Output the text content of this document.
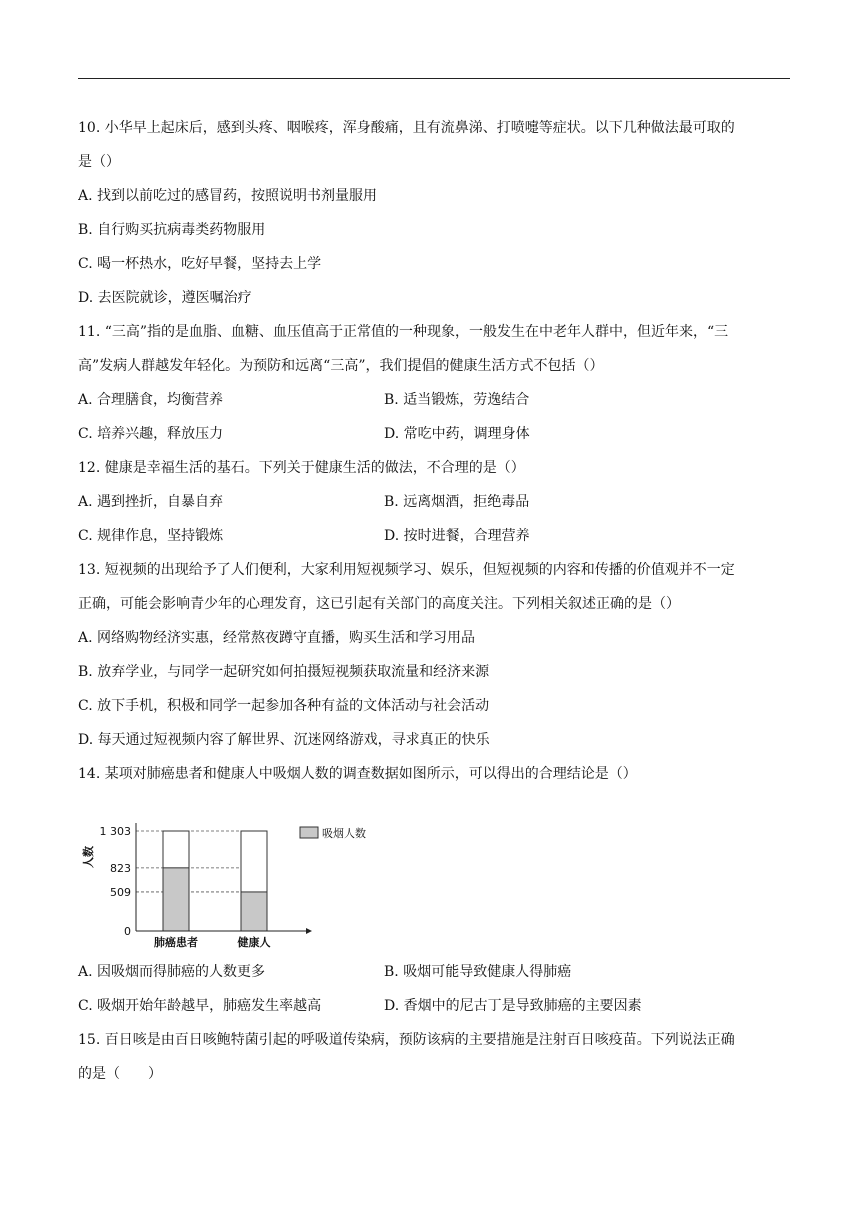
10. 小华早上起床后，感到头疼、咽喉疼，浑身酸痛，且有流鼻涕、打喷嚏等症状。以下几种做法最可取的
是（）
A. 找到以前吃过的感冒药，按照说明书剂量服用
B. 自行购买抗病毒类药物服用
C. 喝一杯热水，吃好早餐，坚持去上学
D. 去医院就诊，遵医嘱治疗
11. “三高”指的是血脂、血糖、血压值高于正常值的一种现象，一般发生在中老年人群中，但近年来，“三
高”发病人群越发年轻化。为预防和远离“三高”，我们提倡的健康生活方式不包括（）
A. 合理膳食，均衡营养	B. 适当锻炼，劳逸结合
C. 培养兴趣，释放压力	D. 常吃中药，调理身体
12. 健康是幸福生活的基石。下列关于健康生活的做法，不合理的是（）
A. 遇到挫折，自暴自弃	B. 远离烟酒，拒绝毒品
C. 规律作息，坚持锻炼	D. 按时进餐，合理营养
13. 短视频的出现给予了人们便利，大家利用短视频学习、娱乐，但短视频的内容和传播的价值观并不一定
正确，可能会影响青少年的心理发育，这已引起有关部门的高度关注。下列相关叙述正确的是（）
A. 网络购物经济实惠，经常熬夜蹲守直播，购买生活和学习用品
B. 放弃学业，与同学一起研究如何拍摄短视频获取流量和经济来源
C. 放下手机，积极和同学一起参加各种有益的文体活动与社会活动
D. 每天通过短视频内容了解世界、沉迷网络游戏，寻求真正的快乐
14. 某项对肺癌患者和健康人中吸烟人数的调查数据如图所示，可以得出的合理结论是（）
肺癌患者	健康人
0
509
823
1 303
人数
吸烟人数
A. 因吸烟而得肺癌的人数更多	B. 吸烟可能导致健康人得肺癌
C. 吸烟开始年龄越早，肺癌发生率越高	D. 香烟中的尼古丁是导致肺癌的主要因素
15. 百日咳是由百日咳鲍特菌引起的呼吸道传染病，预防该病的主要措施是注射百日咳疫苗。下列说法正确
的是（　　）
